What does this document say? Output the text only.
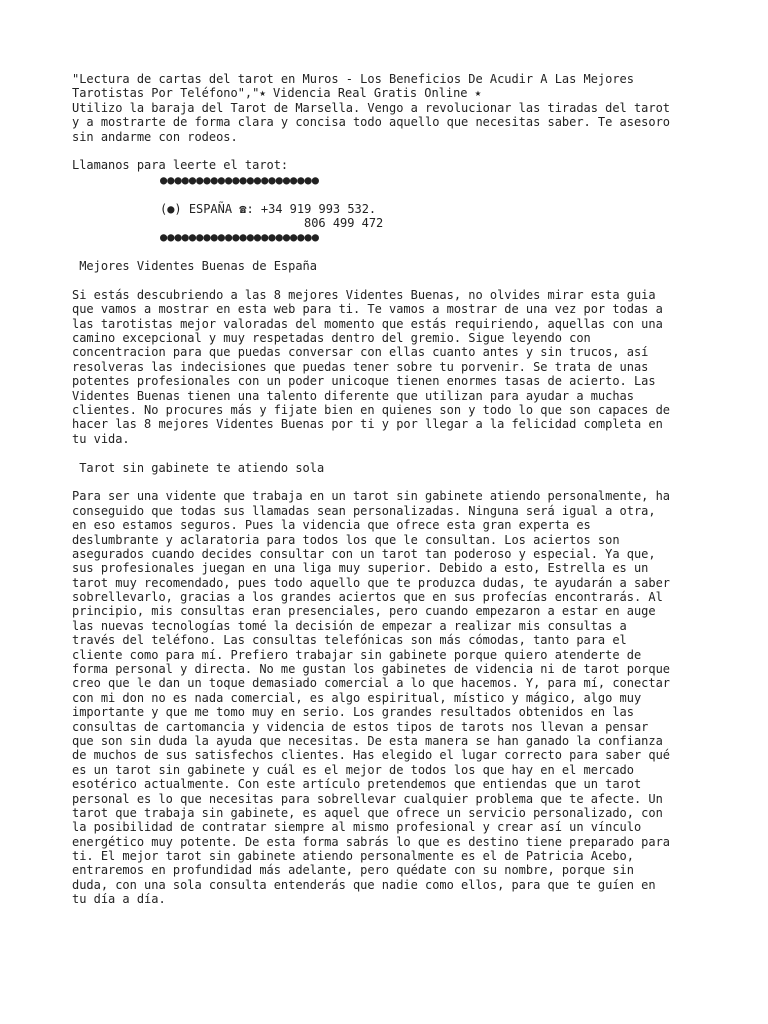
"Lectura de cartas del tarot en Muros - Los Beneficios De Acudir A Las Mejores
Tarotistas Por Teléfono","⭑ Videncia Real Gratis Online ⭑
Utilizo la baraja del Tarot de Marsella. Vengo a revolucionar las tiradas del tarot
y a mostrarte de forma clara y concisa todo aquello que necesitas saber. Te asesoro
sin andarme con rodeos.
Llamanos para leerte el tarot:
●●●●●●●●●●●●●●●●●●●●●●
(●) ESPAÑA ☎: +34 919 993 532.
806 499 472
●●●●●●●●●●●●●●●●●●●●●●
Mejores Videntes Buenas de España
Si estás descubriendo a las 8 mejores Videntes Buenas, no olvides mirar esta guia
que vamos a mostrar en esta web para ti. Te vamos a mostrar de una vez por todas a
las tarotistas mejor valoradas del momento que estás requiriendo, aquellas con una
camino excepcional y muy respetadas dentro del gremio. Sigue leyendo con
concentracion para que puedas conversar con ellas cuanto antes y sin trucos, así
resolveras las indecisiones que puedas tener sobre tu porvenir. Se trata de unas
potentes profesionales con un poder unicoque tienen enormes tasas de acierto. Las
Videntes Buenas tienen una talento diferente que utilizan para ayudar a muchas
clientes. No procures más y fijate bien en quienes son y todo lo que son capaces de
hacer las 8 mejores Videntes Buenas por ti y por llegar a la felicidad completa en
tu vida.
Tarot sin gabinete te atiendo sola
Para ser una vidente que trabaja en un tarot sin gabinete atiendo personalmente, ha
conseguido que todas sus llamadas sean personalizadas. Ninguna será igual a otra,
en eso estamos seguros. Pues la videncia que ofrece esta gran experta es
deslumbrante y aclaratoria para todos los que le consultan. Los aciertos son
asegurados cuando decides consultar con un tarot tan poderoso y especial. Ya que,
sus profesionales juegan en una liga muy superior. Debido a esto, Estrella es un
tarot muy recomendado, pues todo aquello que te produzca dudas, te ayudarán a saber
sobrellevarlo, gracias a los grandes aciertos que en sus profecías encontrarás. Al
principio, mis consultas eran presenciales, pero cuando empezaron a estar en auge
las nuevas tecnologías tomé la decisión de empezar a realizar mis consultas a
través del teléfono. Las consultas telefónicas son más cómodas, tanto para el
cliente como para mí. Prefiero trabajar sin gabinete porque quiero atenderte de
forma personal y directa. No me gustan los gabinetes de videncia ni de tarot porque
creo que le dan un toque demasiado comercial a lo que hacemos. Y, para mí, conectar
con mi don no es nada comercial, es algo espiritual, místico y mágico, algo muy
importante y que me tomo muy en serio. Los grandes resultados obtenidos en las
consultas de cartomancia y videncia de estos tipos de tarots nos llevan a pensar
que son sin duda la ayuda que necesitas. De esta manera se han ganado la confianza
de muchos de sus satisfechos clientes. Has elegido el lugar correcto para saber qué
es un tarot sin gabinete y cuál es el mejor de todos los que hay en el mercado
esotérico actualmente. Con este artículo pretendemos que entiendas que un tarot
personal es lo que necesitas para sobrellevar cualquier problema que te afecte. Un
tarot que trabaja sin gabinete, es aquel que ofrece un servicio personalizado, con
la posibilidad de contratar siempre al mismo profesional y crear así un vínculo
energético muy potente. De esta forma sabrás lo que es destino tiene preparado para
ti. El mejor tarot sin gabinete atiendo personalmente es el de Patricia Acebo,
entraremos en profundidad más adelante, pero quédate con su nombre, porque sin
duda, con una sola consulta entenderás que nadie como ellos, para que te guíen en
tu día a día.
